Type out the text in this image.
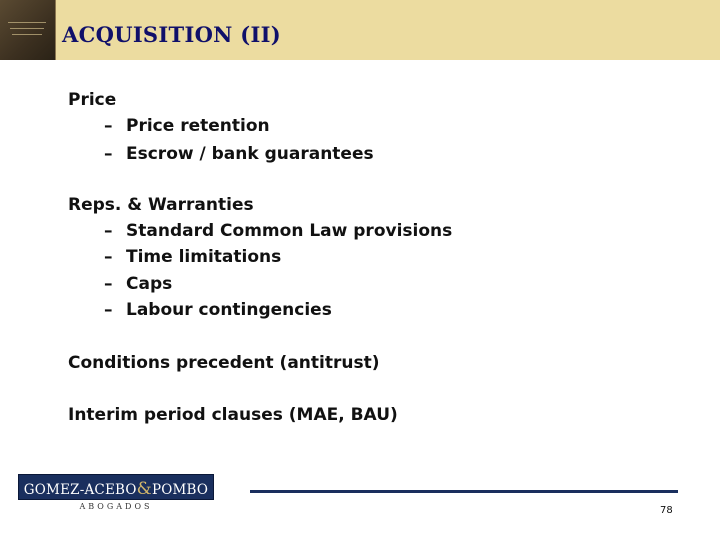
ACQUISITION (II)
Price
– Price retention
– Escrow / bank guarantees
Reps. & Warranties
– Standard Common Law provisions
– Time limitations
– Caps
– Labour contingencies
Conditions precedent (antitrust)
Interim period clauses (MAE, BAU)
GOMEZ-ACEBO&POMBO
ABOGADOS	78
